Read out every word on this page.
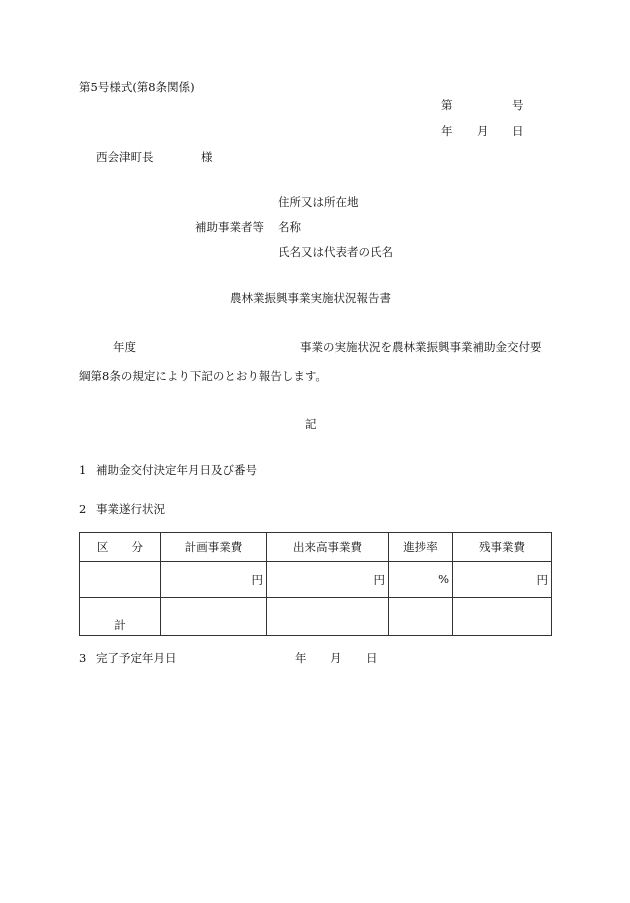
第5号様式(第8条関係)
第	号
年 月 日
西会津町長	様
住所又は所在地
補助事業者等 名称
氏名又は代表者の氏名
農林業振興事業実施状況報告書
年度	事業の実施状況を農林業振興事業補助金交付要
綱第8条の規定により下記のとおり報告します。
記
1 補助金交付決定年月日及び番号
2 事業遂行状況
区　　分	計画事業費	出来高事業費	進捗率	残事業費
	円	円	%	円
計				
3 完了予定年月日	年 月 日
